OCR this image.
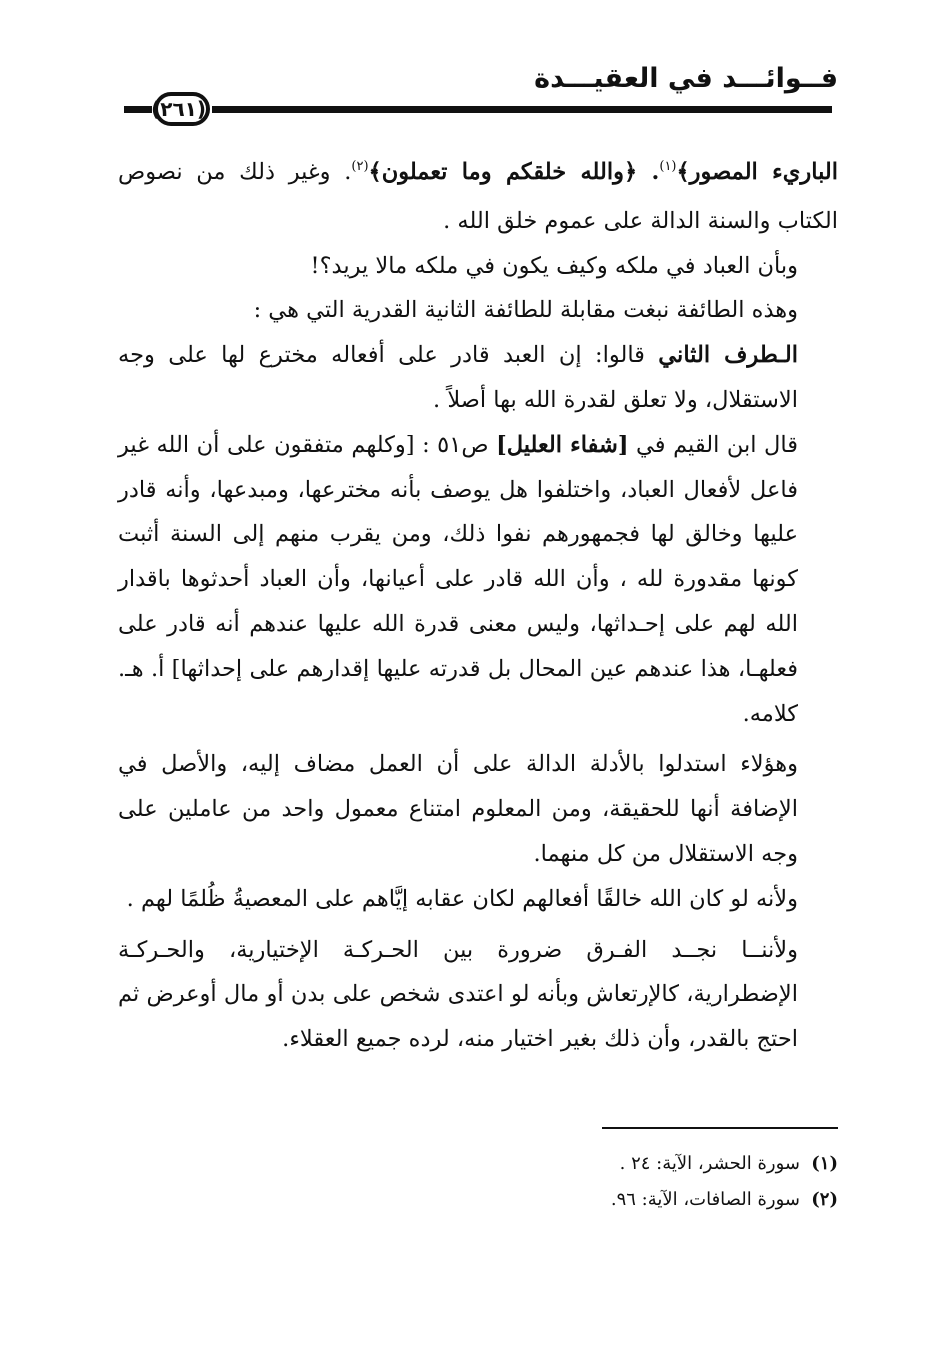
فــوائـــد في العقيـــدة
(٢٦١)

الباريء المصور﴾$^{(١)}$. ﴿والله خلقكم وما تعملون﴾$^{(٢)}$. وغير ذلك من نصوص الكتاب والسنة الدالة على عموم خلق الله .

وبأن العباد في ملكه وكيف يكون في ملكه مالا يريد؟!

وهذه الطائفة نبغت مقابلة للطائفة الثانية القدرية التي هي :

الـطرف الثاني قالوا: إن العبد قادر على أفعاله مخترع لها على وجه الاستقلال، ولا تعلق لقدرة الله بها أصلاً .

قال ابن القيم في [شفاء العليل] ص٥١ : [وكلهم متفقون على أن الله غير فاعل لأفعال العباد، واختلفوا هل يوصف بأنه مخترعها، ومبدعها، وأنه قادر عليها وخالق لها فجمهورهم نفوا ذلك، ومن يقرب منهم إلى السنة أثبت كونها مقدورة لله ، وأن الله قادر على أعيانها، وأن العباد أحدثوها باقدار الله لهم على إحـداثها، وليس معنى قدرة الله عليها عندهم أنه قادر على فعلهـا، هذا عندهم عين المحال بل قدرته عليها إقدارهم على إحداثها] أ. هـ. كلامه.

وهؤلاء استدلوا بالأدلة الدالة على أن العمل مضاف إليه، والأصل في الإضافة أنها للحقيقة، ومن المعلوم امتناع معمول واحد من عاملين على وجه الاستقلال من كل منهما.

ولأنه لو كان الله خالقًا أفعالهم لكان عقابه إيَّاهم على المعصيةُ ظُلمًا لهم .

ولأننــا نجــد الفـرق ضرورة بين الحـركـة الإختيارية، والحـركـة الإضطرارية، كالإرتعاش وبأنه لو اعتدى شخص على بدن أو مال أوعرض ثم احتج بالقدر، وأن ذلك بغير اختيار منه، لرده جميع العقلاء.

(١)
سورة الحشر، الآية: ٢٤ .
(٢)
سورة الصافات، الآية: ٩٦.
